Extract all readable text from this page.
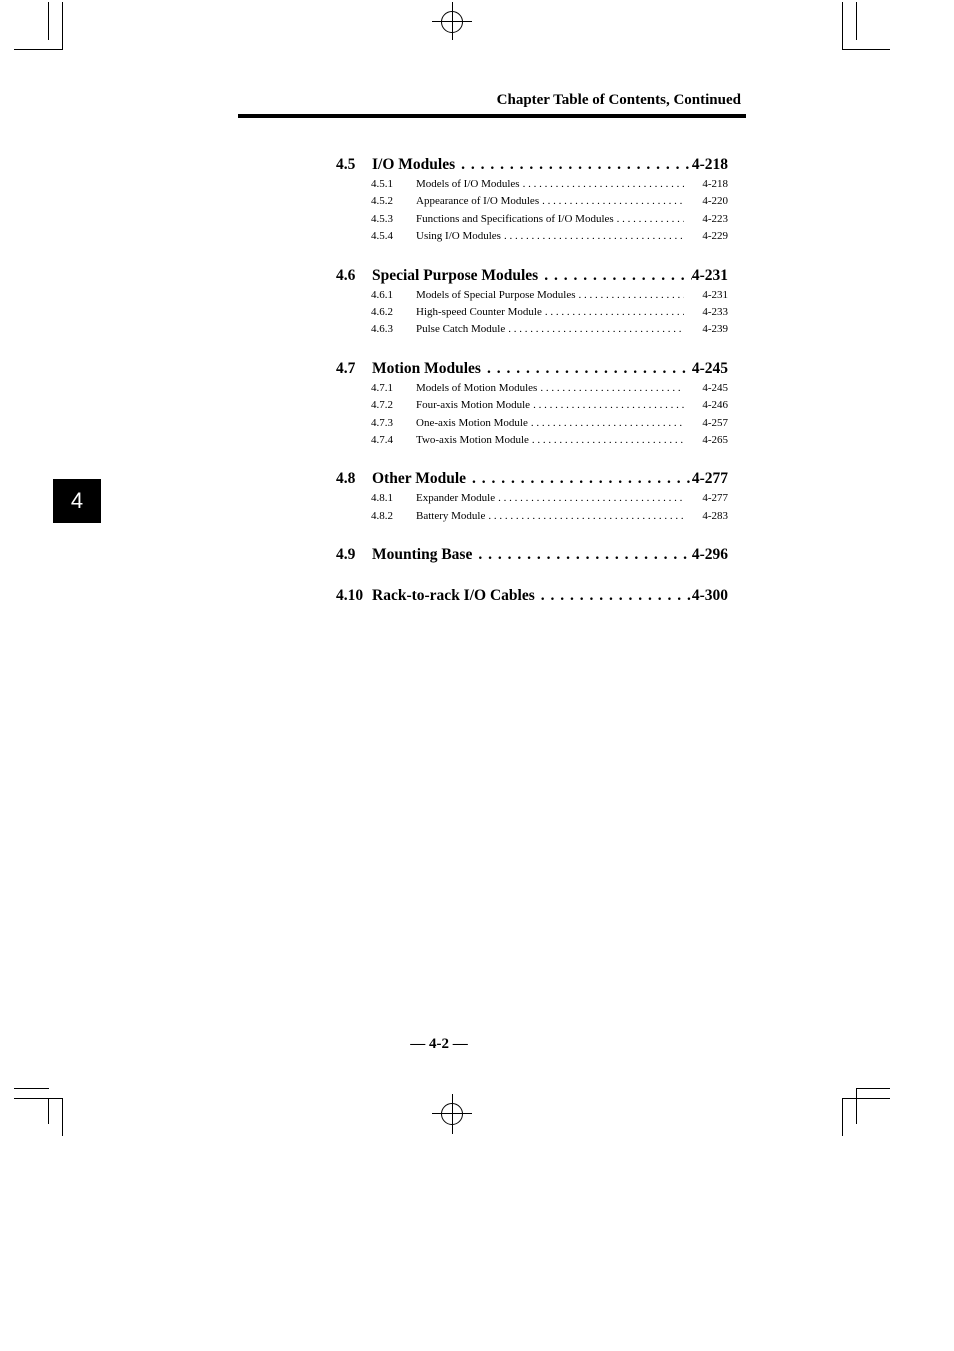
Chapter Table of Contents, Continued
4
4.5	I/O Modules . . .	4-218
4.5.1	Models of I/O Modules . . .	4-218
4.5.2	Appearance of I/O Modules . . .	4-220
4.5.3	Functions and Specifications of I/O Modules . . .	4-223
4.5.4	Using I/O Modules . . .	4-229
4.6	Special Purpose Modules . . .	4-231
4.6.1	Models of Special Purpose Modules . . .	4-231
4.6.2	High-speed Counter Module . . .	4-233
4.6.3	Pulse Catch Module . . .	4-239
4.7	Motion Modules . . .	4-245
4.7.1	Models of Motion Modules . . .	4-245
4.7.2	Four-axis Motion Module . . .	4-246
4.7.3	One-axis Motion Module . . .	4-257
4.7.4	Two-axis Motion Module . . .	4-265
4.8	Other Module . . .	4-277
4.8.1	Expander Module . . .	4-277
4.8.2	Battery Module . . .	4-283
4.9	Mounting Base . . .	4-296
4.10 Rack-to-rack I/O Cables . . .	4-300
— 4-2 —
